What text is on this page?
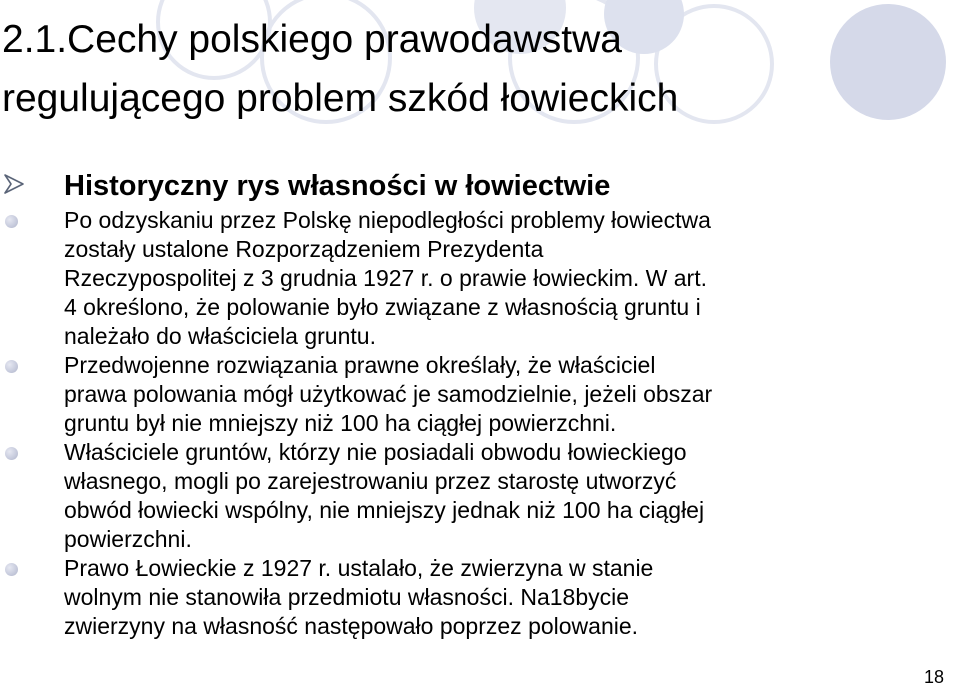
2.1.Cechy polskiego prawodawstwa
regulującego problem szkód łowieckich
Historyczny rys własności w łowiectwie
Po odzyskaniu przez Polskę niepodległości problemy łowiectwa
zostały ustalone Rozporządzeniem Prezydenta
Rzeczypospolitej z 3 grudnia 1927 r. o prawie łowieckim. W art.
4 określono, że polowanie było związane z własnością gruntu i
należało do właściciela gruntu.
Przedwojenne rozwiązania prawne określały, że właściciel
prawa polowania mógł użytkować je samodzielnie, jeżeli obszar
gruntu był nie mniejszy niż 100 ha ciągłej powierzchni.
Właściciele gruntów, którzy nie posiadali obwodu łowieckiego
własnego, mogli po zarejestrowaniu przez starostę utworzyć
obwód łowiecki wspólny, nie mniejszy jednak niż 100 ha ciągłej
powierzchni.
Prawo Łowieckie z 1927 r. ustalało, że zwierzyna w stanie
wolnym nie stanowiła przedmiotu własności. Na18bycie
zwierzyny na własność następowało poprzez polowanie.
18
